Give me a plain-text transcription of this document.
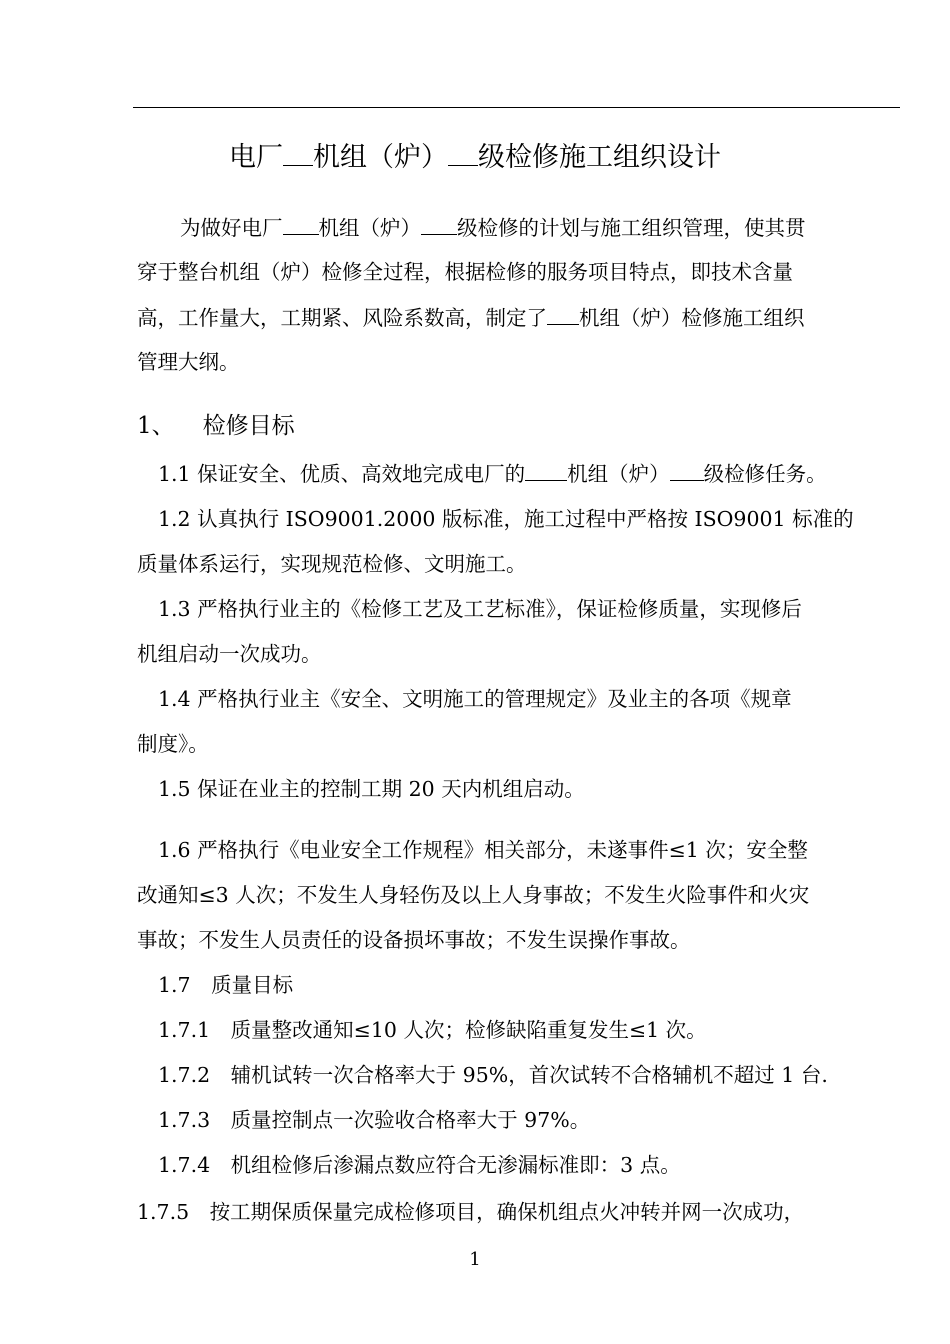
电厂 机组（炉） 级检修施工组织设计
为做好电厂 机组（炉） 级检修的计划与施工组织管理，使其贯
穿于整台机组（炉）检修全过程，根据检修的服务项目特点，即技术含量
高，工作量大，工期紧、风险系数高，制定了 机组（炉）检修施工组织
管理大纲。
1、 检修目标
1.1 保证安全、优质、高效地完成电厂的 机组（炉） 级检修任务。
1.2 认真执行 ISO9001.2000 版标准，施工过程中严格按 ISO9001 标准的
质量体系运行，实现规范检修、文明施工。
1.3 严格执行业主的《检修工艺及工艺标准》，保证检修质量，实现修后
机组启动一次成功。
1.4 严格执行业主《安全、文明施工的管理规定》及业主的各项《规章
制度》。
1.5 保证在业主的控制工期 20 天内机组启动。
1.6 严格执行《电业安全工作规程》相关部分，未遂事件≤1 次；安全整
改通知≤3 人次；不发生人身轻伤及以上人身事故；不发生火险事件和火灾
事故；不发生人员责任的设备损坏事故；不发生误操作事故。
1.7　质量目标
1.7.1　质量整改通知≤10 人次；检修缺陷重复发生≤1 次。
1.7.2　辅机试转一次合格率大于 95%，首次试转不合格辅机不超过 1 台.
1.7.3　质量控制点一次验收合格率大于 97%。
1.7.4　机组检修后渗漏点数应符合无渗漏标准即：3 点。
1.7.5　按工期保质保量完成检修项目，确保机组点火冲转并网一次成功，
1
